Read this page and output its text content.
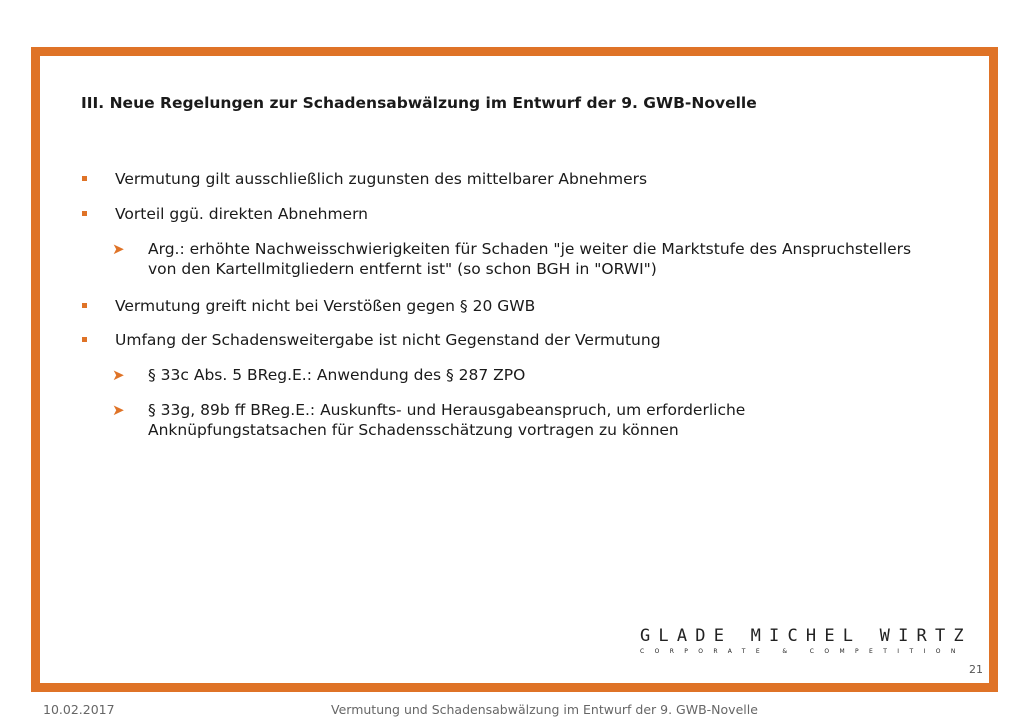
III. Neue Regelungen zur Schadensabwälzung im Entwurf der 9. GWB-Novelle
Vermutung gilt ausschließlich zugunsten des mittelbarer Abnehmers
Vorteil ggü. direkten Abnehmern
➤ Arg.: erhöhte Nachweisschwierigkeiten für Schaden "je weiter die Marktstufe des Anspruchstellers von den Kartellmitgliedern entfernt ist" (so schon BGH in "ORWI")
Vermutung greift nicht bei Verstößen gegen § 20 GWB
Umfang der Schadensweitergabe ist nicht Gegenstand der Vermutung
➤ § 33c Abs. 5 BReg.E.: Anwendung des § 287 ZPO
➤ § 33g, 89b ff BReg.E.: Auskunfts- und Herausgabeanspruch, um erforderliche Anknüpfungstatsachen für Schadensschätzung vortragen zu können
GLADE MICHEL WIRTZ
CORPORATE & COMPETITION
21
10.02.2017	Vermutung und Schadensabwälzung im Entwurf der 9. GWB-Novelle
